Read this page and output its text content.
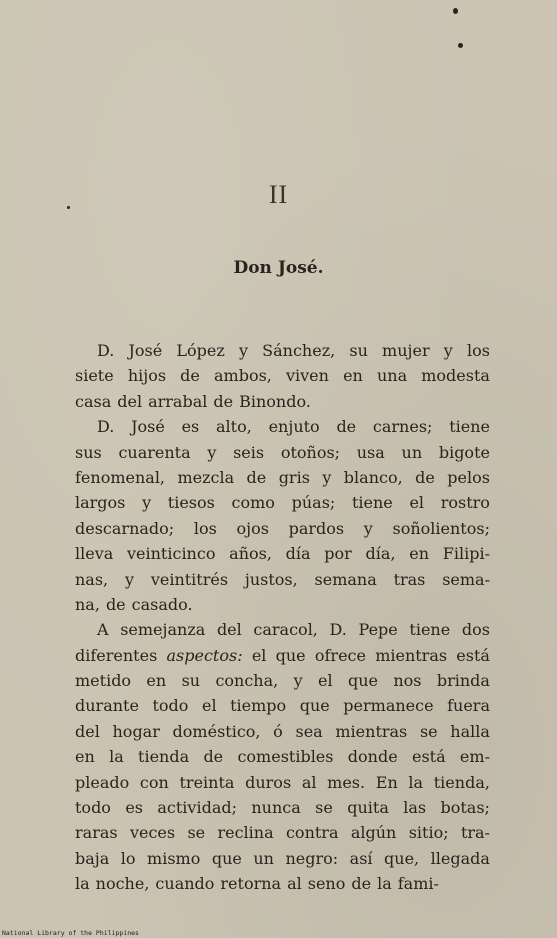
II
Don José.
D. José López y Sánchez, su mujer y los
siete hijos de ambos, viven en una modesta
casa del arrabal de Binondo.
D. José es alto, enjuto de carnes; tiene
sus cuarenta y seis otoños; usa un bigote
fenomenal, mezcla de gris y blanco, de pelos
largos y tiesos como púas; tiene el rostro
descarnado; los ojos pardos y soñolientos;
lleva veinticinco años, día por día, en Filipi-
nas, y veintitrés justos, semana tras sema-
na, de casado.
A semejanza del caracol, D. Pepe tiene dos
diferentes aspectos: el que ofrece mientras está
metido en su concha, y el que nos brinda
durante todo el tiempo que permanece fuera
del hogar doméstico, ó sea mientras se halla
en la tienda de comestibles donde está em-
pleado con treinta duros al mes. En la tienda,
todo es actividad; nunca se quita las botas;
raras veces se reclina contra algún sitio; tra-
baja lo mismo que un negro: así que, llegada
la noche, cuando retorna al seno de la fami-
National Library of the Philippines
